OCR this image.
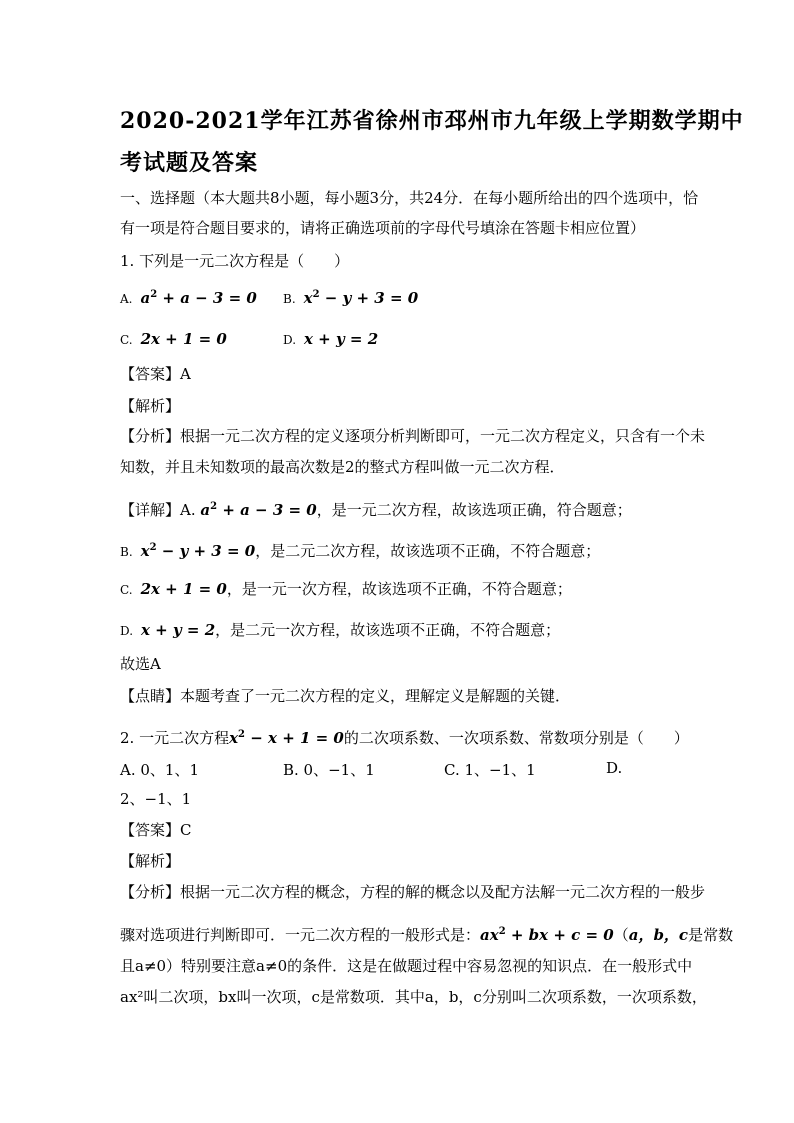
2020-2021学年江苏省徐州市邳州市九年级上学期数学期中
考试题及答案
一、选择题（本大题共8小题，每小题3分，共24分．在每小题所给出的四个选项中，恰
有一项是符合题目要求的，请将正确选项前的字母代号填涂在答题卡相应位置）
1. 下列是一元二次方程是（　　）
A. $a^2 + a - 3 = 0$ B. $x^2 - y + 3 = 0$
C. 2x + 1 = 0	D. x + y = 2
【答案】A
【解析】
【分析】根据一元二次方程的定义逐项分析判断即可，一元二次方程定义，只含有一个未
知数，并且未知数项的最高次数是2的整式方程叫做一元二次方程．
【详解】A. $a^2 + a - 3 = 0$，是一元二次方程，故该选项正确，符合题意；
B. $x^2 - y + 3 = 0$，是二元二次方程，故该选项不正确，不符合题意；
C. 2x + 1 = 0，是一元一次方程，故该选项不正确，不符合题意；
D. x + y = 2，是二元一次方程，故该选项不正确，不符合题意；
故选A
【点睛】本题考查了一元二次方程的定义，理解定义是解题的关键．
2. 一元二次方程$x^2 - x + 1 = 0$的二次项系数、一次项系数、常数项分别是（　　）
A. 0、1、1	B. 0、−1、1	C. 1、−1、1	D.
2、−1、1
【答案】C
【解析】
【分析】根据一元二次方程的概念，方程的解的概念以及配方法解一元二次方程的一般步
骤对选项进行判断即可．一元二次方程的一般形式是：$ax^2$ + bx + c = 0（a，b，c是常数
且a≠0）特别要注意a≠0的条件．这是在做题过程中容易忽视的知识点．在一般形式中
ax²叫二次项，bx叫一次项，c是常数项．其中a，b，c分别叫二次项系数，一次项系数，
